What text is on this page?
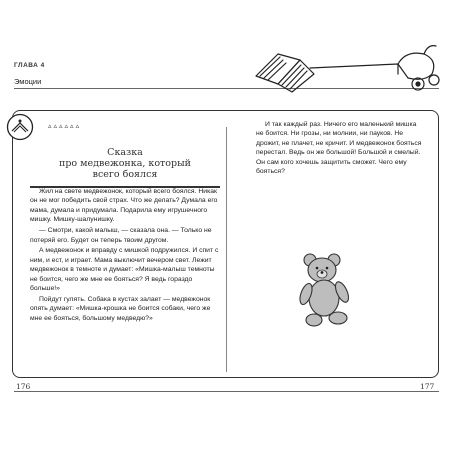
ГЛАВА 4
Эмоции
▵▵▵▵▵▵
Сказка
про медвежонка, который
всего боялся

Жил на свете медвежонок, который всего боялся. Никак он не мог победить свой страх. Что же делать? Думала его мама, думала и придумала. Подарила ему игрушечного мишку. Мишку-шалунишку.

— Смотри, какой малыш, — сказала она. — Только не потеряй его. Будет он теперь твоим другом.

А медвежонок и вправду с мишкой подружился. И спит с ним, и ест, и играет. Мама выключит вечером свет. Лежит медвежонок в темноте и думает: «Мишка-малыш темноты не боится, чего же мне ее бояться? Я ведь гораздо больше!»

Пойдут гулять. Собака в кустах залает — медвежонок опять думает: «Мишка-крошка не боится собаки, чего же мне ее бояться, большому медведю?»

И так каждый раз. Ничего его маленький мишка не боится. Ни грозы, ни молнии, ни пауков. Не дрожит, не плачет, не кричит. И медвежонок бояться перестал. Ведь он же большой! Большой и смелый. Он сам кого хочешь защитить сможет. Чего ему бояться?

176	177
